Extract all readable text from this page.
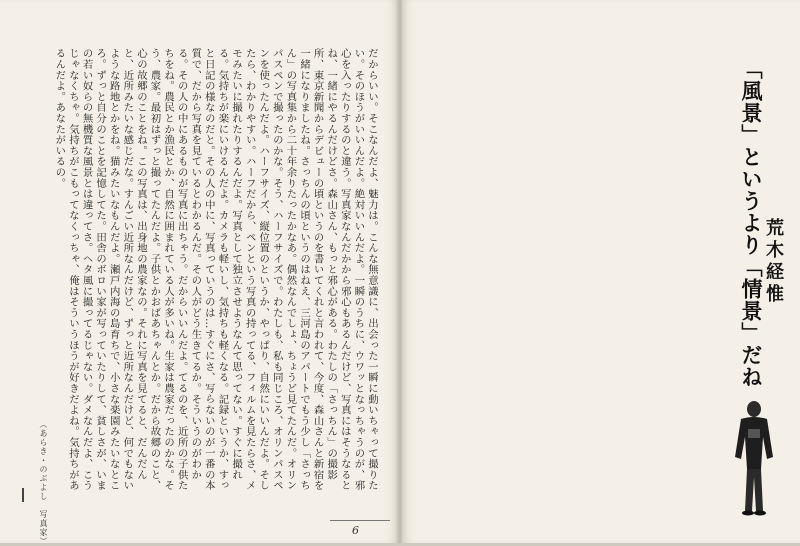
だからいい。そこなんだよ、魅力は。こんな無意識に、出会った一瞬に動いちゃって撮りたい。そのほうがいいんだよ。絶対いいんだよ。一瞬のうちに、ウワッとなっちゃうのが、邪心を入ったりするのと違う。写真家なんだかから邪心もあるんだけど、写真にはそうなるとね、一緒にやるんだけどさ。森山さん、もっと邪心がある。わたしの「さっちん」の撮影所、東京新聞からデビューの頃というのを書いてくれと言われて、今度、森山さんと新宿を一緒になりましたね。さっちんの頃というのはねえ、三河島のアパートでもう少し「さっちん」の写真集から二十年余りたったかなあ。偶然なんでしょ、ちょうど見てたんだ。オリンパスペンで撮ったのかな。そう、ハーフサイズで。わたしも、私も同じころ、オリンパスペンを使ったんだよ。ハーフサイズ、縦位置のというか、やっぱり、自然にいいんだよ。そしたら、わかりやすい。ハーフだから、ペンという写真の持ってる、フィルムを見たらさ、メモみたいに撮れたりするんだよ。写真として独立させようなんて思ってない。すぐに撮れる。気持ちが楽にいけるんだよ。カメラも軽いし、気持ちも軽くなる。記録というか、すっと日記の様なのだと。その人の中に、写真っていうのは…すぐにさ、写らないのが一番の本質で、だから写真を見ているとわかるんだ。その人がどう生きてるか。そういうのがわかる。その人の中にあるものが写真に出ちゃう。だからいいんだよ。てるのを、近所の子供たちをね。農民とか漁民とか、自然に囲まれている人が多いね。生家は農家だったのかな。そう、農家。最初はずっと撮ってたんだよ。子供とかおばあちゃんとか。だから故郷のこと、心の故郷のことをね。この写真は、出身地の農家なの。それに写真を見てると、だんだんと、近所みたいな感じだな。すんごい近所なんだけど、ずっと近所なんだけど、何でもないような路地とかをね。猫みたいなもんだよ。瀬戸内海の島育ちで、小さな楽園みたいなところ。ずっと自分のことを記憶してた。田舎のボロい家が写っていたりして、貧しさが、いまの若い奴らの無機質な風景とは違ってさ。ヘタ風に撮ってるじゃない。ダメなんだよ、こうじゃなくちゃ。気持ちがこもってなくっちゃ、俺はそういうほうが好きだよね。気持ちがあるんだよ。あなたがいるの。
（あらき・のぶよし　写真家）	6
「風景」というより「情景」だね
荒木経惟
